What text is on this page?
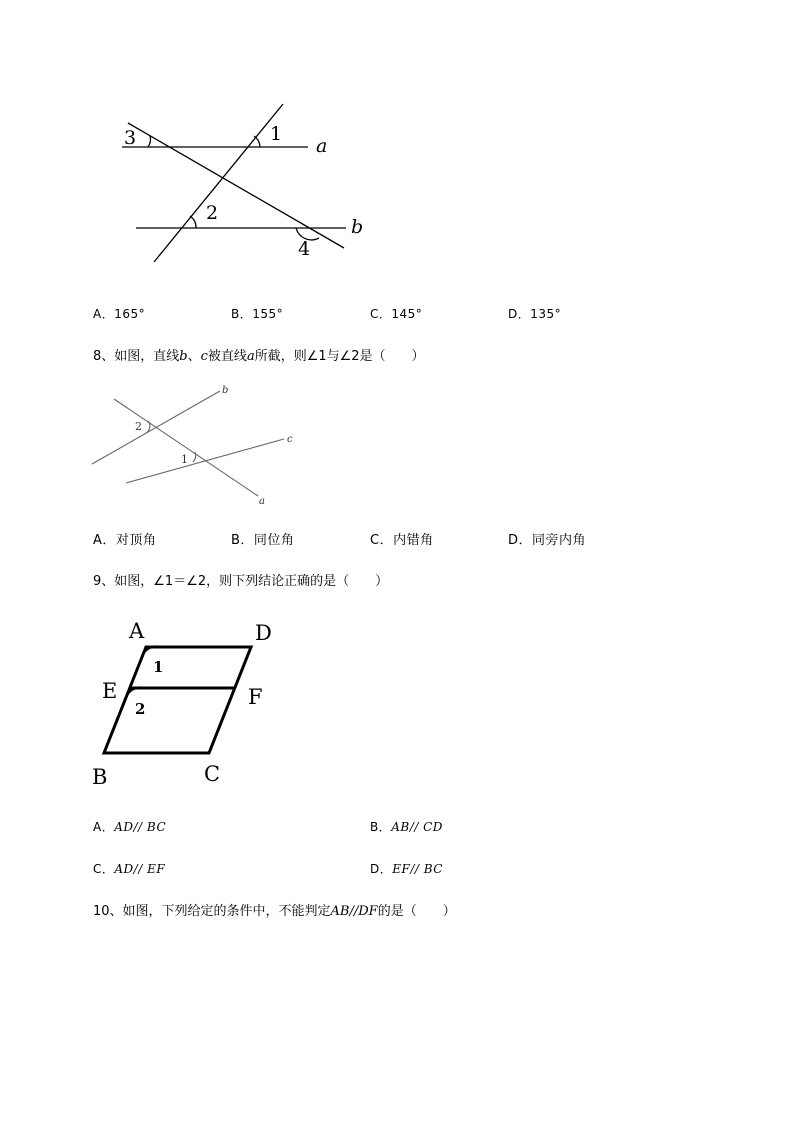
3	1
a
2
b
4
A．165°	B．155°	C．145°	D．135°
8、如图，直线b、c被直线a所截，则∠1与∠2是（　　）
b
c
a
2
1
A．对顶角	B．同位角	C．内错角	D．同旁内角
9、如图，∠1＝∠2，则下列结论正确的是（　　）
A	D
E	F
B	C
1
2
A．AD// BC	B．AB// CD
C．AD// EF	D．EF// BC
10、如图，下列给定的条件中，不能判定AB//DF的是（　　）
